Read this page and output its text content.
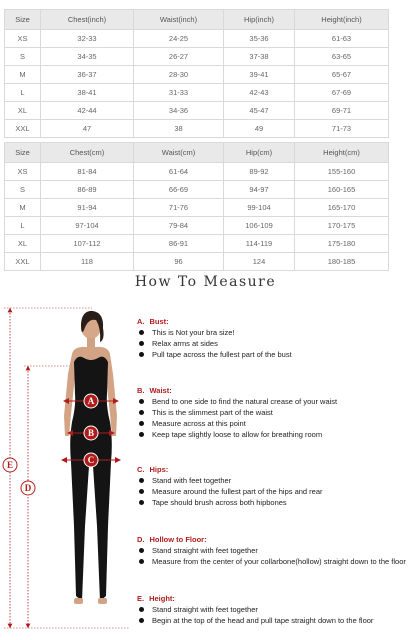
Size	Chest(inch)	Waist(inch)	Hip(inch)	Height(inch)
XS	32-33	24-25	35-36	61-63
S	34-35	26-27	37-38	63-65
M	36-37	28-30	39-41	65-67
L	38-41	31-33	42-43	67-69
XL	42-44	34-36	45-47	69-71
XXL	47	38	49	71-73
Size	Chest(cm)	Waist(cm)	Hip(cm)	Height(cm)
XS	81-84	61-64	89-92	155-160
S	86-89	66-69	94-97	160-165
M	91-94	71-76	99-104	165-170
L	97-104	79-84	106-109	170-175
XL	107-112	86-91	114-119	175-180
XXL	118	96	124	180-185
How To Measure
A
B
C
D
E
A. Bust:
This is Not your bra size!
Relax arms at sides
Pull tape across the fullest part of the bust
B. Waist:
Bend to one side to find the natural crease of your waist
This is the slimmest part of the waist
Measure across at this point
Keep tape slightly loose to allow for breathing room
C. Hips:
Stand with feet together
Measure around the fullest part of the hips and rear
Tape should brush across both hipbones
D. Hollow to Floor:
Stand straight with feet together
Measure from the center of your collarbone(hollow) straight down to the floor
E. Height:
Stand straight with feet together
Begin at the top of the head and pull tape straight down to the floor
